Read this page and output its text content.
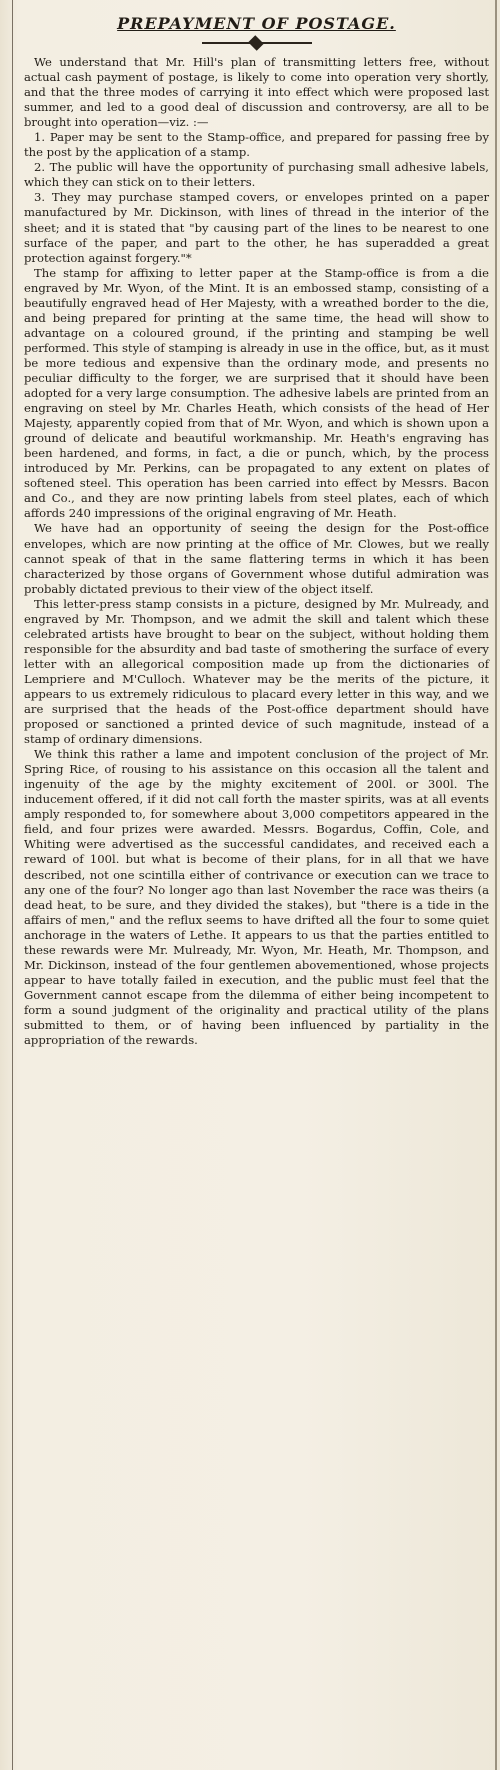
PREPAYMENT OF POSTAGE.

We understand that Mr. Hill's plan of transmitting letters free, without actual cash payment of postage, is likely to come into operation very shortly, and that the three modes of carrying it into effect which were proposed last summer, and led to a good deal of discussion and controversy, are all to be brought into operation—viz. :—

1. Paper may be sent to the Stamp-office, and prepared for passing free by the post by the application of a stamp.

2. The public will have the opportunity of purchasing small adhesive labels, which they can stick on to their letters.

3. They may purchase stamped covers, or envelopes printed on a paper manufactured by Mr. Dickinson, with lines of thread in the interior of the sheet; and it is stated that "by causing part of the lines to be nearest to one surface of the paper, and part to the other, he has superadded a great protection against forgery."*

The stamp for affixing to letter paper at the Stamp-office is from a die engraved by Mr. Wyon, of the Mint. It is an embossed stamp, consisting of a beautifully engraved head of Her Majesty, with a wreathed border to the die, and being prepared for printing at the same time, the head will show to advantage on a coloured ground, if the printing and stamping be well performed. This style of stamping is already in use in the office, but, as it must be more tedious and expensive than the ordinary mode, and presents no peculiar difficulty to the forger, we are surprised that it should have been adopted for a very large consumption. The adhesive labels are printed from an engraving on steel by Mr. Charles Heath, which consists of the head of Her Majesty, apparently copied from that of Mr. Wyon, and which is shown upon a ground of delicate and beautiful workmanship. Mr. Heath's engraving has been hardened, and forms, in fact, a die or punch, which, by the process introduced by Mr. Perkins, can be propagated to any extent on plates of softened steel. This operation has been carried into effect by Messrs. Bacon and Co., and they are now printing labels from steel plates, each of which affords 240 impressions of the original engraving of Mr. Heath.

We have had an opportunity of seeing the design for the Post-office envelopes, which are now printing at the office of Mr. Clowes, but we really cannot speak of that in the same flattering terms in which it has been characterized by those organs of Government whose dutiful admiration was probably dictated previous to their view of the object itself.

This letter-press stamp consists in a picture, designed by Mr. Mulready, and engraved by Mr. Thompson, and we admit the skill and talent which these celebrated artists have brought to bear on the subject, without holding them responsible for the absurdity and bad taste of smothering the surface of every letter with an allegorical composition made up from the dictionaries of Lempriere and M'Culloch. Whatever may be the merits of the picture, it appears to us extremely ridiculous to placard every letter in this way, and we are surprised that the heads of the Post-office department should have proposed or sanctioned a printed device of such magnitude, instead of a stamp of ordinary dimensions.

We think this rather a lame and impotent conclusion of the project of Mr. Spring Rice, of rousing to his assistance on this occasion all the talent and ingenuity of the age by the mighty excitement of 200l. or 300l. The inducement offered, if it did not call forth the master spirits, was at all events amply responded to, for somewhere about 3,000 competitors appeared in the field, and four prizes were awarded. Messrs. Bogardus, Coffin, Cole, and Whiting were advertised as the successful candidates, and received each a reward of 100l. but what is become of their plans, for in all that we have described, not one scintilla either of contrivance or execution can we trace to any one of the four? No longer ago than last November the race was theirs (a dead heat, to be sure, and they divided the stakes), but "there is a tide in the affairs of men," and the reflux seems to have drifted all the four to some quiet anchorage in the waters of Lethe. It appears to us that the parties entitled to these rewards were Mr. Mulready, Mr. Wyon, Mr. Heath, Mr. Thompson, and Mr. Dickinson, instead of the four gentlemen abovementioned, whose projects appear to have totally failed in execution, and the public must feel that the Government cannot escape from the dilemma of either being incompetent to form a sound judgment of the originality and practical utility of the plans submitted to them, or of having been influenced by partiality in the appropriation of the rewards.
